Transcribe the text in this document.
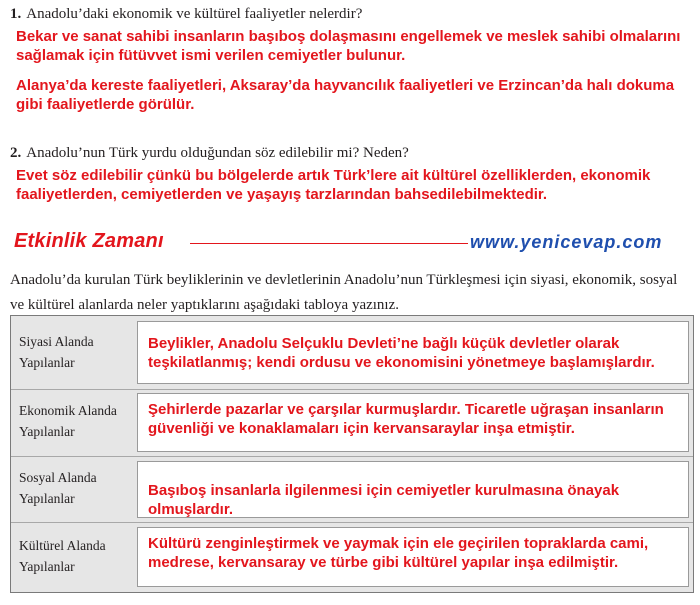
1. Anadolu’daki ekonomik ve kültürel faaliyetler nelerdir?
Bekar ve sanat sahibi insanların başıboş dolaşmasını engellemek ve meslek sahibi olmalarını sağlamak için fütüvvet ismi verilen cemiyetler bulunur.
Alanya’da kereste faaliyetleri, Aksaray’da hayvancılık faaliyetleri ve Erzincan’da halı dokuma gibi faaliyetlerde görülür.
2. Anadolu’nun Türk yurdu olduğundan söz edilebilir mi? Neden?
Evet söz edilebilir çünkü bu bölgelerde artık Türk’lere ait kültürel özelliklerden, ekonomik faaliyetlerden, cemiyetlerden ve yaşayış tarzlarından bahsedilebilmektedir.
Etkinlik Zamanı	www.yenicevap.com
Anadolu’da kurulan Türk beyliklerinin ve devletlerinin Anadolu’nun Türkleşmesi için siyasi, ekonomik, sosyal ve kültürel alanlarda neler yaptıklarını aşağıdaki tabloya yazınız.
Siyasi Alanda Yapılanlar
Beylikler, Anadolu Selçuklu Devleti’ne bağlı küçük devletler olarak teşkilatlanmış; kendi ordusu ve ekonomisini yönetmeye başlamışlardır.
Ekonomik Alanda Yapılanlar
Şehirlerde pazarlar ve çarşılar kurmuşlardır. Ticaretle uğraşan insanların güvenliği ve konaklamaları için kervansaraylar inşa etmiştir.
Sosyal Alanda Yapılanlar	Başıboş insanlarla ilgilenmesi için cemiyetler kurulmasına önayak olmuşlardır.
Kültürel Alanda Yapılanlar
Kültürü zenginleştirmek ve yaymak için ele geçirilen topraklarda cami, medrese, kervansaray ve türbe gibi kültürel yapılar inşa edilmiştir.
